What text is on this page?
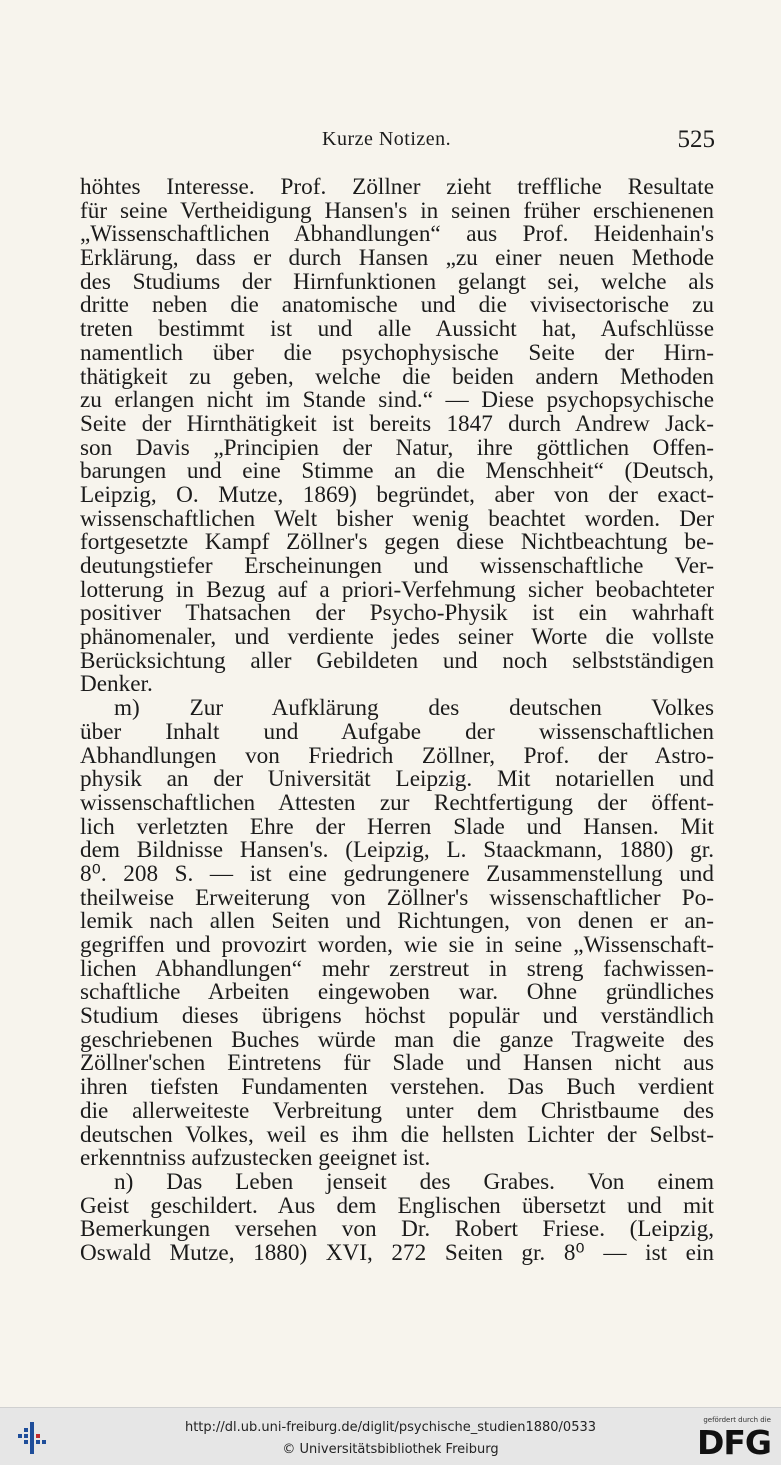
Kurze Notizen.	525
höhtes Interesse. Prof. Zöllner zieht treffliche Resultate
für seine Vertheidigung Hansen's in seinen früher erschienenen
„Wissenschaftlichen Abhandlungen“ aus Prof. Heidenhain's
Erklärung, dass er durch Hansen „zu einer neuen Methode
des Studiums der Hirnfunktionen gelangt sei, welche als
dritte neben die anatomische und die vivisectorische zu
treten bestimmt ist und alle Aussicht hat, Aufschlüsse
namentlich über die psychophysische Seite der Hirn-
thätigkeit zu geben, welche die beiden andern Methoden
zu erlangen nicht im Stande sind.“ — Diese psychopsychische
Seite der Hirnthätigkeit ist bereits 1847 durch Andrew Jack-
son Davis „Principien der Natur, ihre göttlichen Offen-
barungen und eine Stimme an die Menschheit“ (Deutsch,
Leipzig, O. Mutze, 1869) begründet, aber von der exact-
wissenschaftlichen Welt bisher wenig beachtet worden. Der
fortgesetzte Kampf Zöllner's gegen diese Nichtbeachtung be-
deutungstiefer Erscheinungen und wissenschaftliche Ver-
lotterung in Bezug auf a priori-Verfehmung sicher beobachteter
positiver Thatsachen der Psycho-Physik ist ein wahrhaft
phänomenaler, und verdiente jedes seiner Worte die vollste
Berücksichtung aller Gebildeten und noch selbstständigen
Denker.
m) Zur Aufklärung des deutschen Volkes
über Inhalt und Aufgabe der wissenschaftlichen
Abhandlungen von Friedrich Zöllner, Prof. der Astro-
physik an der Universität Leipzig. Mit notariellen und
wissenschaftlichen Attesten zur Rechtfertigung der öffent-
lich verletzten Ehre der Herren Slade und Hansen. Mit
dem Bildnisse Hansen's. (Leipzig, L. Staackmann, 1880) gr.
8⁰. 208 S. — ist eine gedrungenere Zusammenstellung und
theilweise Erweiterung von Zöllner's wissenschaftlicher Po-
lemik nach allen Seiten und Richtungen, von denen er an-
gegriffen und provozirt worden, wie sie in seine „Wissenschaft-
lichen Abhandlungen“ mehr zerstreut in streng fachwissen-
schaftliche Arbeiten eingewoben war. Ohne gründliches
Studium dieses übrigens höchst populär und verständlich
geschriebenen Buches würde man die ganze Tragweite des
Zöllner'schen Eintretens für Slade und Hansen nicht aus
ihren tiefsten Fundamenten verstehen. Das Buch verdient
die allerweiteste Verbreitung unter dem Christbaume des
deutschen Volkes, weil es ihm die hellsten Lichter der Selbst-
erkenntniss aufzustecken geeignet ist.
n) Das Leben jenseit des Grabes. Von einem
Geist geschildert. Aus dem Englischen übersetzt und mit
Bemerkungen versehen von Dr. Robert Friese. (Leipzig,
Oswald Mutze, 1880) XVI, 272 Seiten gr. 8⁰ — ist ein
http://dl.ub.uni-freiburg.de/diglit/psychische_studien1880/0533
© Universitätsbibliothek Freiburg
gefördert durch die
DFG
